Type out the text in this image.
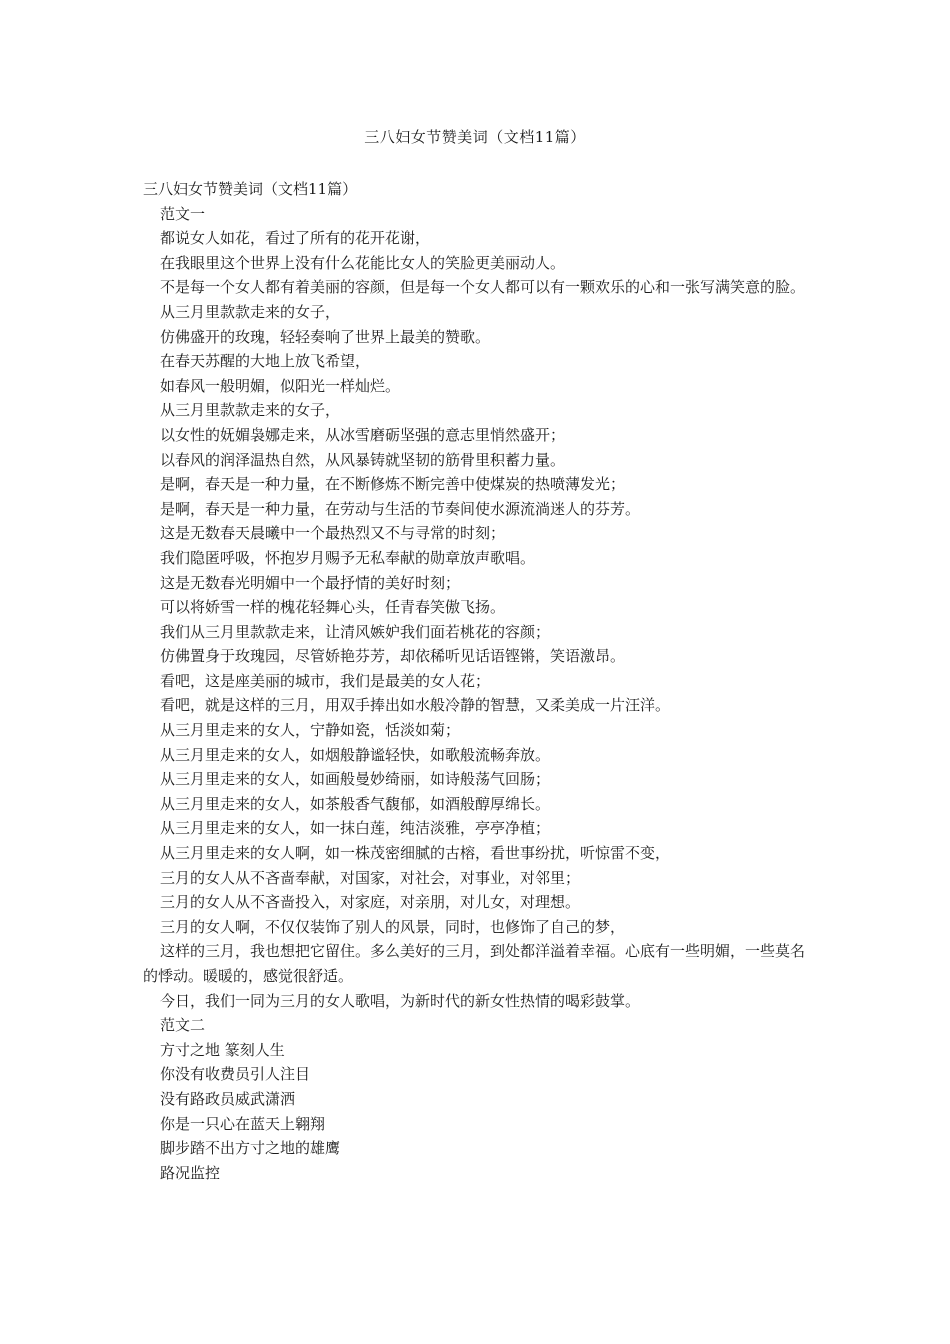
三八妇女节赞美词（文档11篇）

三八妇女节赞美词（文档11篇）

范文一

都说女人如花，看过了所有的花开花谢，

在我眼里这个世界上没有什么花能比女人的笑脸更美丽动人。

不是每一个女人都有着美丽的容颜，但是每一个女人都可以有一颗欢乐的心和一张写满笑意的脸。

从三月里款款走来的女子，

仿佛盛开的玫瑰，轻轻奏响了世界上最美的赞歌。

在春天苏醒的大地上放飞希望，

如春风一般明媚，似阳光一样灿烂。

从三月里款款走来的女子，

以女性的妩媚袅娜走来，从冰雪磨砺坚强的意志里悄然盛开；

以春风的润泽温热自然，从风暴铸就坚韧的筋骨里积蓄力量。

是啊，春天是一种力量，在不断修炼不断完善中使煤炭的热喷薄发光；

是啊，春天是一种力量，在劳动与生活的节奏间使水源流淌迷人的芬芳。

这是无数春天晨曦中一个最热烈又不与寻常的时刻；

我们隐匿呼吸，怀抱岁月赐予无私奉献的勋章放声歌唱。

这是无数春光明媚中一个最抒情的美好时刻；

可以将娇雪一样的槐花轻舞心头，任青春笑傲飞扬。

我们从三月里款款走来，让清风嫉妒我们面若桃花的容颜；

仿佛置身于玫瑰园，尽管娇艳芬芳，却依稀听见话语铿锵，笑语激昂。

看吧，这是座美丽的城市，我们是最美的女人花；

看吧，就是这样的三月，用双手捧出如水般冷静的智慧，又柔美成一片汪洋。

从三月里走来的女人，宁静如瓷，恬淡如菊；

从三月里走来的女人，如烟般静谧轻快，如歌般流畅奔放。

从三月里走来的女人，如画般曼妙绮丽，如诗般荡气回肠；

从三月里走来的女人，如茶般香气馥郁，如酒般醇厚绵长。

从三月里走来的女人，如一抹白莲，纯洁淡雅，亭亭净植；

从三月里走来的女人啊，如一株茂密细腻的古榕，看世事纷扰，听惊雷不变，

三月的女人从不吝啬奉献，对国家，对社会，对事业，对邻里；

三月的女人从不吝啬投入，对家庭，对亲朋，对儿女，对理想。

三月的女人啊，不仅仅装饰了别人的风景，同时，也修饰了自己的梦，

这样的三月，我也想把它留住。多么美好的三月，到处都洋溢着幸福。心底有一些明媚，一些莫名的悸动。暖暖的，感觉很舒适。

今日，我们一同为三月的女人歌唱，为新时代的新女性热情的喝彩鼓掌。

范文二

方寸之地 篆刻人生

你没有收费员引人注目

没有路政员威武潇洒

你是一只心在蓝天上翱翔

脚步踏不出方寸之地的雄鹰

路况监控
